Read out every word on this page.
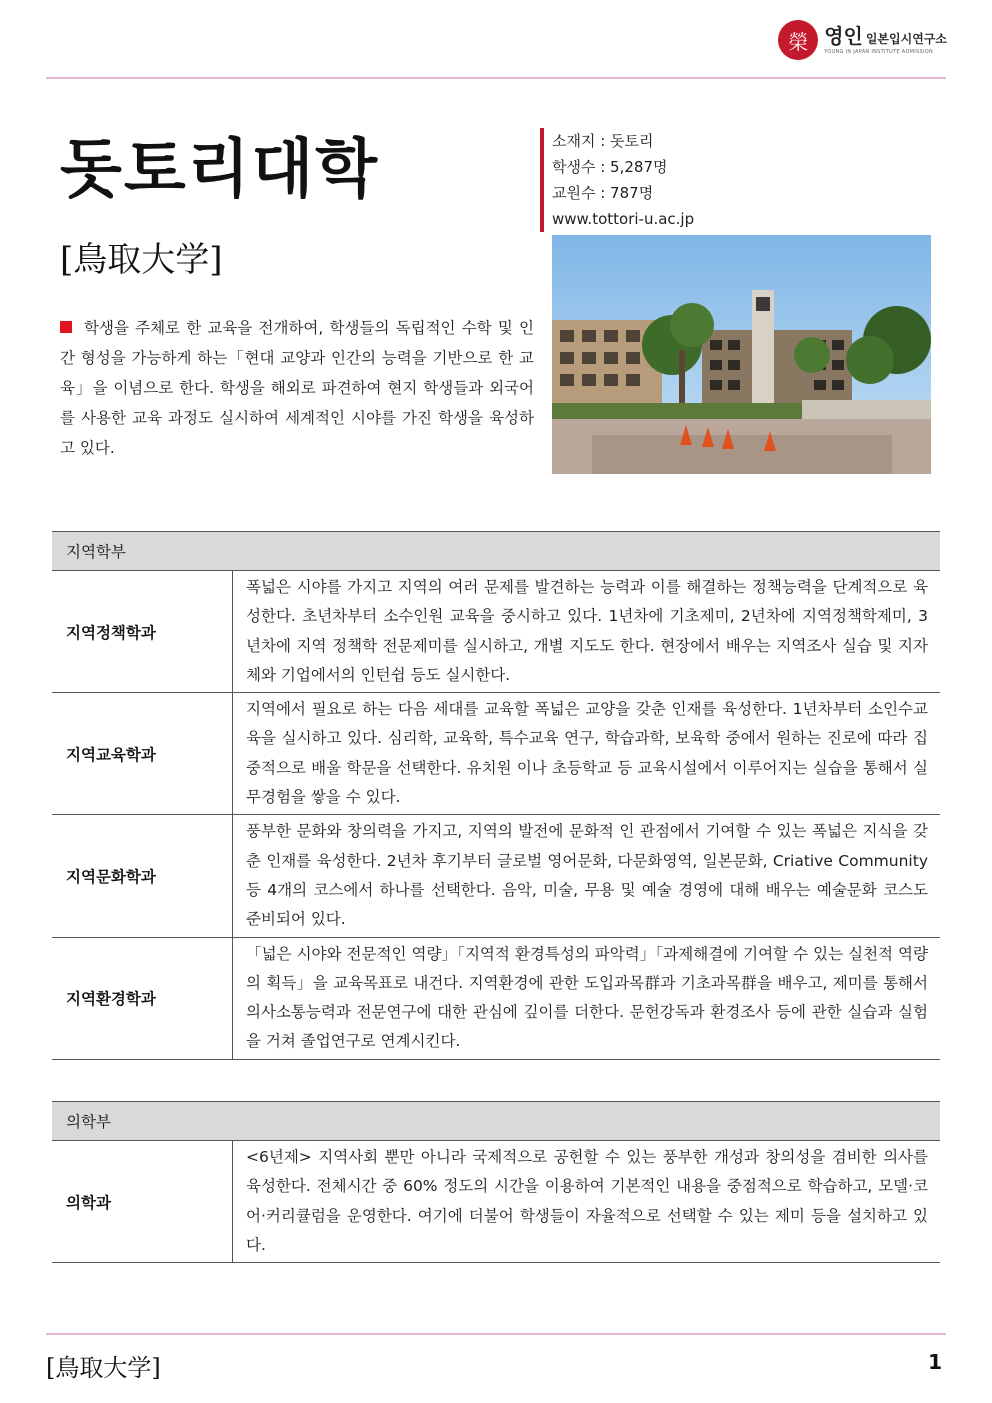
榮 영인 일본입시연구소
YOUNG IN JAPAN INSTITUTE ADMISSION
돗토리대학
[鳥取大学]
소재지 : 돗토리
학생수 : 5,287명
교원수 : 787명
www.tottori-u.ac.jp
학생을 주체로 한 교육을 전개하여, 학생들의 독립적인 수학 및 인간 형성을 가능하게 하는「현대 교양과 인간의 능력을 기반으로 한 교육」을 이념으로 한다. 학생을 해외로 파견하여 현지 학생들과 외국어를 사용한 교육 과정도 실시하여 세계적인 시야를 가진 학생을 육성하고 있다.
지역학부	
지역정책학과	폭넓은 시야를 가지고 지역의 여러 문제를 발견하는 능력과 이를 해결하는 정책능력을 단계적으로 육성한다. 초년차부터 소수인원 교육을 중시하고 있다. 1년차에 기초제미, 2년차에 지역정책학제미, 3년차에 지역 정책학 전문제미를 실시하고, 개별 지도도 한다. 현장에서 배우는 지역조사 실습 및 지자체와 기업에서의 인턴쉽 등도 실시한다.
지역교육학과	지역에서 필요로 하는 다음 세대를 교육할 폭넓은 교양을 갖춘 인재를 육성한다. 1년차부터 소인수교육을 실시하고 있다. 심리학, 교육학, 특수교육 연구, 학습과학, 보육학 중에서 원하는 진로에 따라 집중적으로 배울 학문을 선택한다. 유치원 이나 초등학교 등 교육시설에서 이루어지는 실습을 통해서 실무경험을 쌓을 수 있다.
지역문화학과	풍부한 문화와 창의력을 가지고, 지역의 발전에 문화적 인 관점에서 기여할 수 있는 폭넓은 지식을 갖춘 인재를 육성한다. 2년차 후기부터 글로벌 영어문화, 다문화영역, 일본문화, Criative Community 등 4개의 코스에서 하나를 선택한다. 음악, 미술, 무용 및 예술 경영에 대해 배우는 예술문화 코스도 준비되어 있다.
지역환경학과	「넓은 시야와 전문적인 역량」「지역적 환경특성의 파악력」「과제해결에 기여할 수 있는 실천적 역량의 획득」을 교육목표로 내건다. 지역환경에 관한 도입과목群과 기초과목群을 배우고, 제미를 통해서 의사소통능력과 전문연구에 대한 관심에 깊이를 더한다. 문헌강독과 환경조사 등에 관한 실습과 실험을 거쳐 졸업연구로 연계시킨다.
의학부
의학과	<6년제> 지역사회 뿐만 아니라 국제적으로 공헌할 수 있는 풍부한 개성과 창의성을 겸비한 의사를 육성한다. 전체시간 중 60% 정도의 시간을 이용하여 기본적인 내용을 중점적으로 학습하고, 모델·코어·커리큘럼을 운영한다. 여기에 더불어 학생들이 자율적으로 선택할 수 있는 제미 등을 설치하고 있다.
[鳥取大学]	1
